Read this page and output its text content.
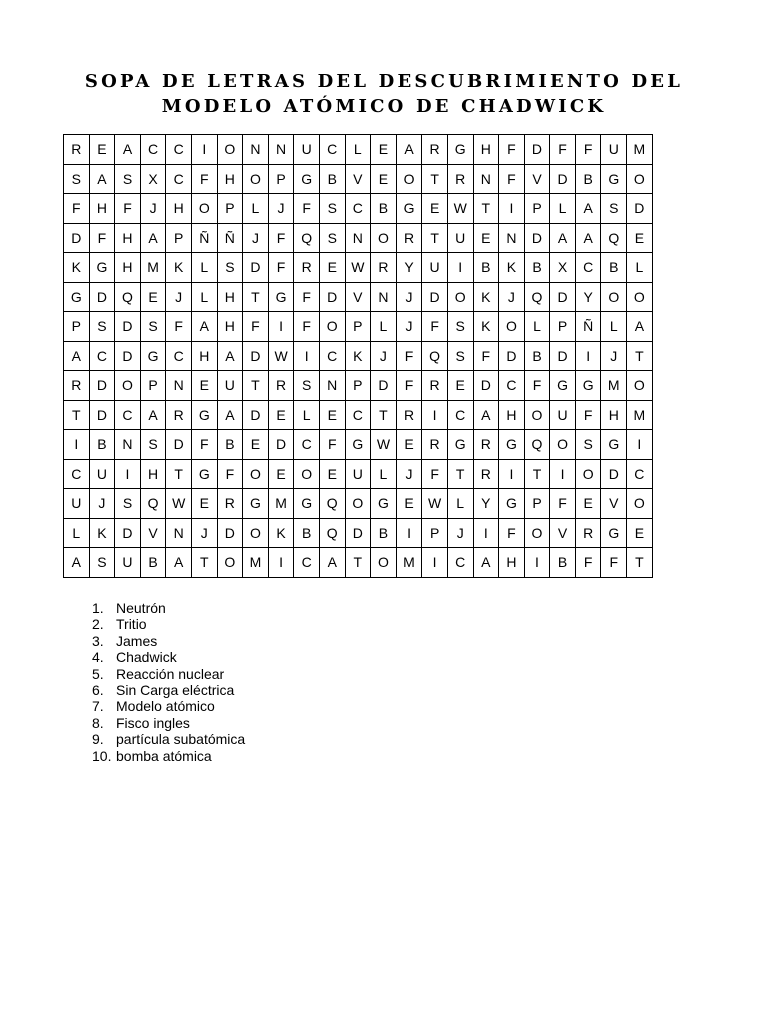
SOPA DE LETRAS DEL DESCUBRIMIENTO DEL
MODELO ATÓMICO DE CHADWICK
R	E	A	C	C	I	O	N	N	U	C	L	E	A	R	G	H	F	D	F	F	U	M
S	A	S	X	C	F	H	O	P	G	B	V	E	O	T	R	N	F	V	D	B	G	O
F	H	F	J	H	O	P	L	J	F	S	C	B	G	E	W	T	I	P	L	A	S	D
D	F	H	A	P	Ñ	Ñ	J	F	Q	S	N	O	R	T	U	E	N	D	A	A	Q	E
K	G	H	M	K	L	S	D	F	R	E	W	R	Y	U	I	B	K	B	X	C	B	L
G	D	Q	E	J	L	H	T	G	F	D	V	N	J	D	O	K	J	Q	D	Y	O	O
P	S	D	S	F	A	H	F	I	F	O	P	L	J	F	S	K	O	L	P	Ñ	L	A
A	C	D	G	C	H	A	D	W	I	C	K	J	F	Q	S	F	D	B	D	I	J	T
R	D	O	P	N	E	U	T	R	S	N	P	D	F	R	E	D	C	F	G	G	M	O
T	D	C	A	R	G	A	D	E	L	E	C	T	R	I	C	A	H	O	U	F	H	M
I	B	N	S	D	F	B	E	D	C	F	G	W	E	R	G	R	G	Q	O	S	G	I
C	U	I	H	T	G	F	O	E	O	E	U	L	J	F	T	R	I	T	I	O	D	C
U	J	S	Q	W	E	R	G	M	G	Q	O	G	E	W	L	Y	G	P	F	E	V	O
L	K	D	V	N	J	D	O	K	B	Q	D	B	I	P	J	I	F	O	V	R	G	E
A	S	U	B	A	T	O	M	I	C	A	T	O	M	I	C	A	H	I	B	F	F	T
1. Neutrón
2. Tritio
3. James
4. Chadwick
5. Reacción nuclear
6. Sin Carga eléctrica
7. Modelo atómico
8. Fisco ingles
9. partícula subatómica
10. bomba atómica
